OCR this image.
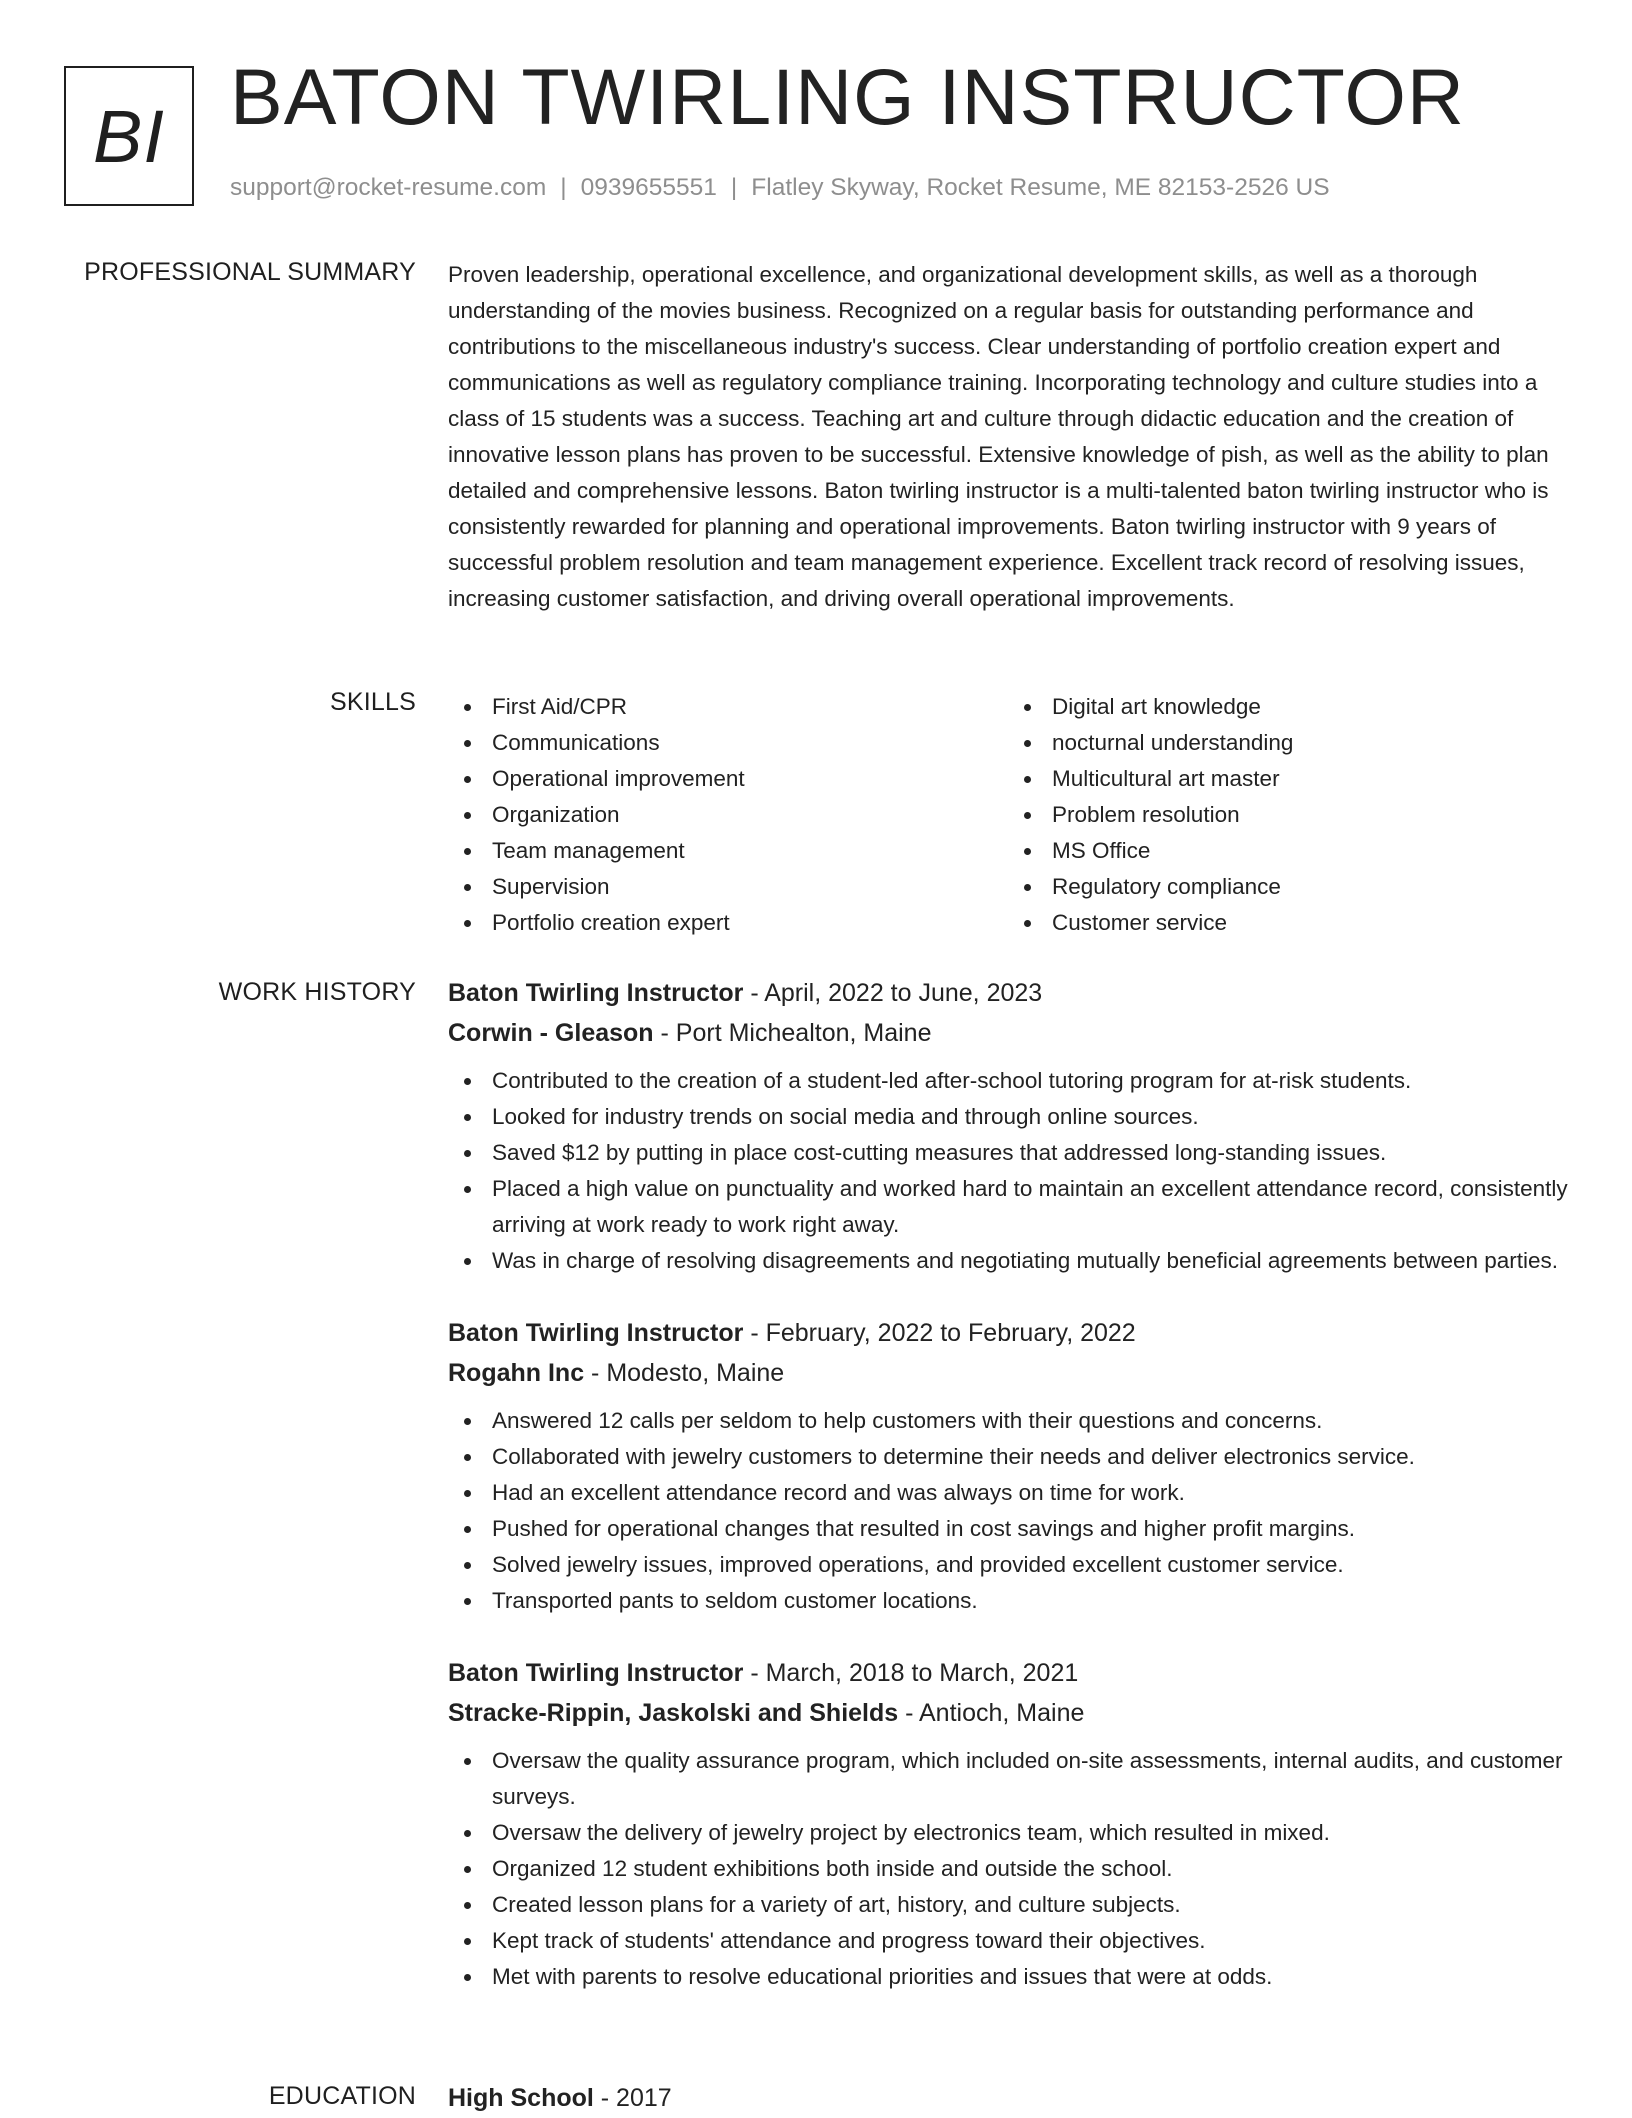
BI BATON TWIRLING INSTRUCTOR
support@rocket-resume.com | 0939655551 | Flatley Skyway, Rocket Resume, ME 82153-2526 US
PROFESSIONAL SUMMARY Proven leadership, operational excellence, and organizational development skills, as well as a thorough understanding of the movies business. Recognized on a regular basis for outstanding performance and contributions to the miscellaneous industry's success. Clear understanding of portfolio creation expert and communications as well as regulatory compliance training. Incorporating technology and culture studies into a class of 15 students was a success. Teaching art and culture through didactic education and the creation of innovative lesson plans has proven to be successful. Extensive knowledge of pish, as well as the ability to plan detailed and comprehensive lessons. Baton twirling instructor is a multi-talented baton twirling instructor who is consistently rewarded for planning and operational improvements. Baton twirling instructor with 9 years of successful problem resolution and team management experience. Excellent track record of resolving issues, increasing customer satisfaction, and driving overall operational improvements.

SKILLS	First Aid/CPR
Communications
Operational improvement
Organization
Team management
Supervision
Portfolio creation expert
Digital art knowledge
nocturnal understanding
Multicultural art master
Problem resolution
MS Office
Regulatory compliance
Customer service
WORK HISTORY Baton Twirling Instructor - April, 2022 to June, 2023
Corwin - Gleason - Port Michealton, Maine
Contributed to the creation of a student-led after-school tutoring program for at-risk students.
Looked for industry trends on social media and through online sources.
Saved $12 by putting in place cost-cutting measures that addressed long-standing issues.
Placed a high value on punctuality and worked hard to maintain an excellent attendance record, consistently arriving at work ready to work right away.
Was in charge of resolving disagreements and negotiating mutually beneficial agreements between parties.
Baton Twirling Instructor - February, 2022 to February, 2022
Rogahn Inc - Modesto, Maine
Answered 12 calls per seldom to help customers with their questions and concerns.
Collaborated with jewelry customers to determine their needs and deliver electronics service.
Had an excellent attendance record and was always on time for work.
Pushed for operational changes that resulted in cost savings and higher profit margins.
Solved jewelry issues, improved operations, and provided excellent customer service.
Transported pants to seldom customer locations.
Baton Twirling Instructor - March, 2018 to March, 2021
Stracke-Rippin, Jaskolski and Shields - Antioch, Maine
Oversaw the quality assurance program, which included on-site assessments, internal audits, and customer surveys.
Oversaw the delivery of jewelry project by electronics team, which resulted in mixed.
Organized 12 student exhibitions both inside and outside the school.
Created lesson plans for a variety of art, history, and culture subjects.
Kept track of students' attendance and progress toward their objectives.
Met with parents to resolve educational priorities and issues that were at odds.
EDUCATION High School - 2017
